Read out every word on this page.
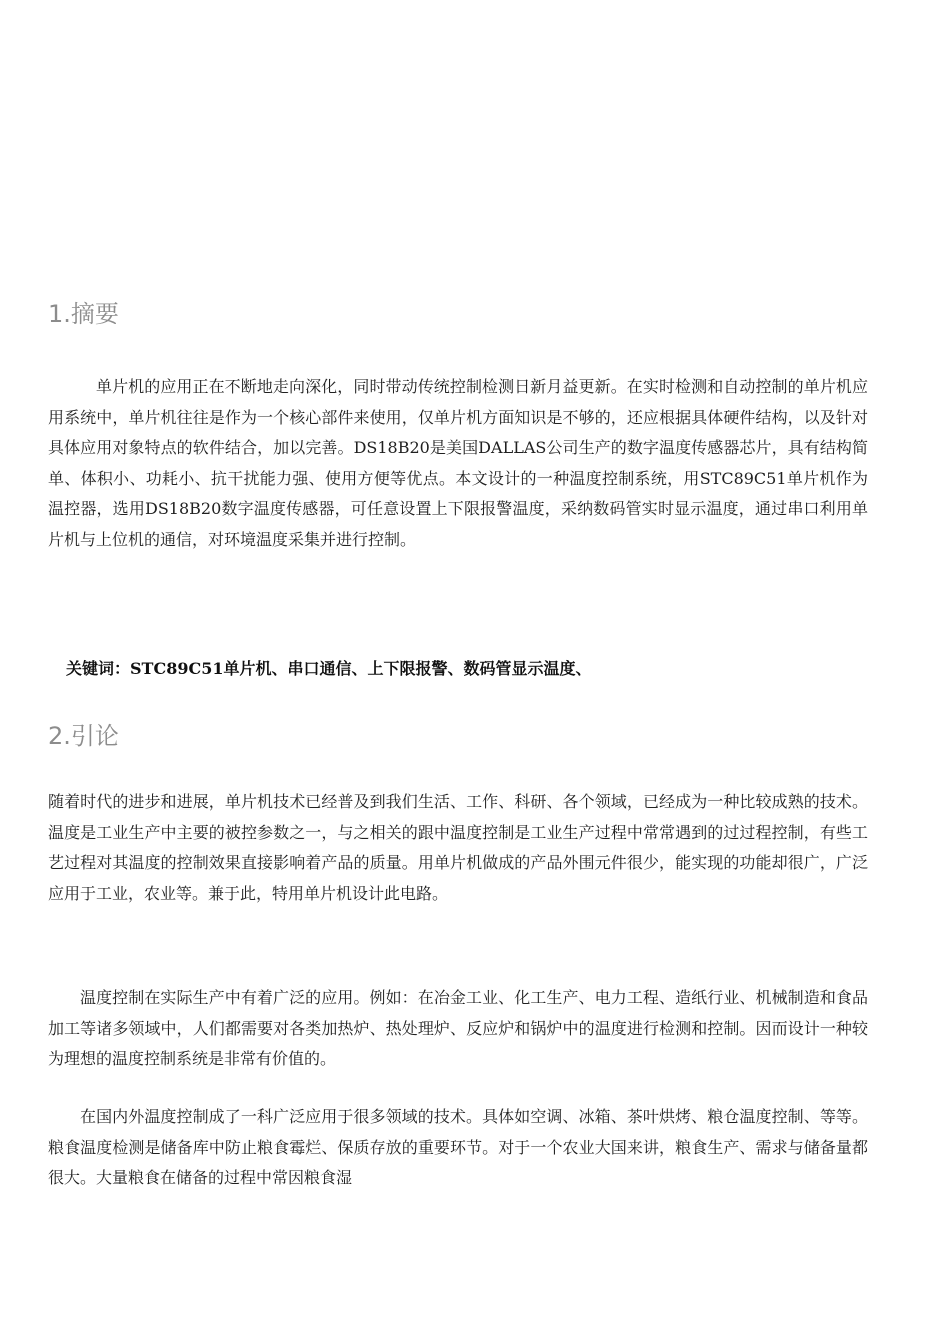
1.摘要

单片机的应用正在不断地走向深化，同时带动传统控制检测日新月益更新。在实时检测和自动控制的单片机应用系统中，单片机往往是作为一个核心部件来使用，仅单片机方面知识是不够的，还应根据具体硬件结构，以及针对具体应用对象特点的软件结合，加以完善。DS18B20是美国DALLAS公司生产的数字温度传感器芯片，具有结构简单、体积小、功耗小、抗干扰能力强、使用方便等优点。本文设计的一种温度控制系统，用STC89C51单片机作为温控器，选用DS18B20数字温度传感器，可任意设置上下限报警温度，采纳数码管实时显示温度，通过串口利用单片机与上位机的通信，对环境温度采集并进行控制。

关键词：STC89C51单片机、串口通信、上下限报警、数码管显示温度、

2.引论

随着时代的进步和进展，单片机技术已经普及到我们生活、工作、科研、各个领域，已经成为一种比较成熟的技术。温度是工业生产中主要的被控参数之一，与之相关的跟中温度控制是工业生产过程中常常遇到的过过程控制，有些工艺过程对其温度的控制效果直接影响着产品的质量。用单片机做成的产品外围元件很少，能实现的功能却很广，广泛应用于工业，农业等。兼于此，特用单片机设计此电路。

温度控制在实际生产中有着广泛的应用。例如：在冶金工业、化工生产、电力工程、造纸行业、机械制造和食品加工等诸多领域中，人们都需要对各类加热炉、热处理炉、反应炉和锅炉中的温度进行检测和控制。因而设计一种较为理想的温度控制系统是非常有价值的。

在国内外温度控制成了一科广泛应用于很多领域的技术。具体如空调、冰箱、茶叶烘烤、粮仓温度控制、等等。粮食温度检测是储备库中防止粮食霉烂、保质存放的重要环节。对于一个农业大国来讲，粮食生产、需求与储备量都很大。大量粮食在储备的过程中常因粮食湿
